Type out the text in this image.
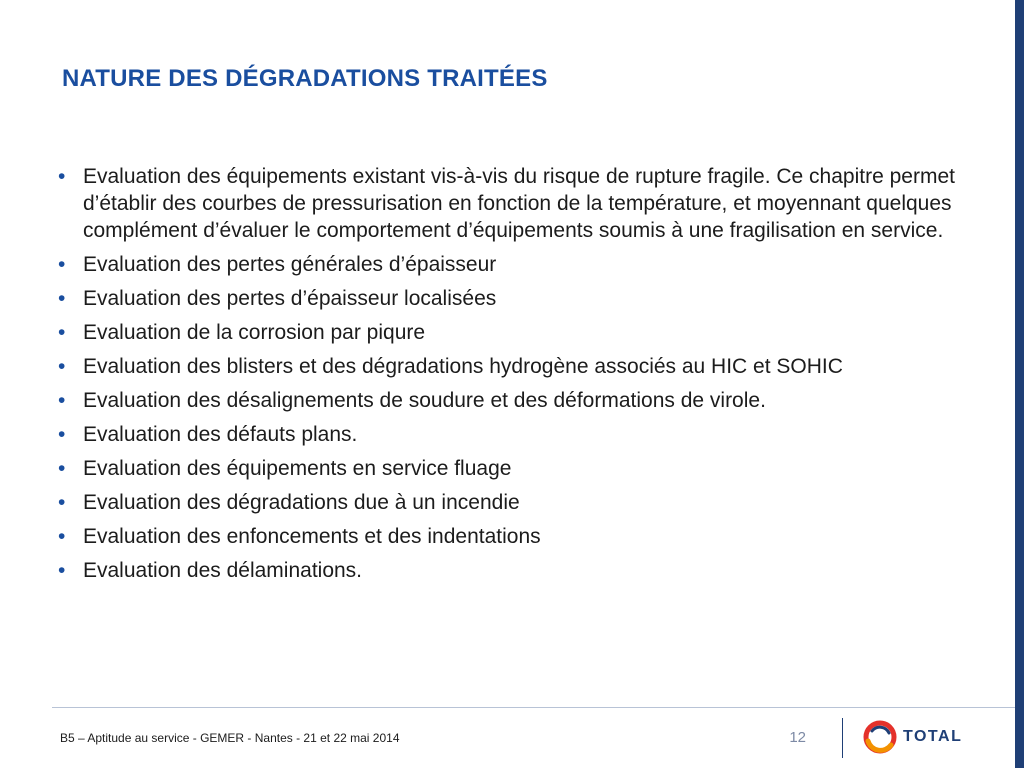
NATURE DES DÉGRADATIONS TRAITÉES
• Evaluation des équipements existant vis-à-vis du risque de rupture fragile. Ce chapitre permet d’établir des courbes de pressurisation en fonction de la température, et moyennant quelques complément d’évaluer le comportement d’équipements soumis à une fragilisation en service.
• Evaluation des pertes générales d’épaisseur
• Evaluation des pertes d’épaisseur localisées
• Evaluation de la corrosion par piqure
• Evaluation des blisters et des dégradations hydrogène associés au HIC et SOHIC
• Evaluation des désalignements de soudure et des déformations de virole.
• Evaluation des défauts plans.
• Evaluation des équipements en service fluage
• Evaluation des dégradations due à un incendie
• Evaluation des enfoncements et des indentations
• Evaluation des délaminations.
B5 – Aptitude au service - GEMER - Nantes - 21 et 22 mai 2014	12	TOTAL
